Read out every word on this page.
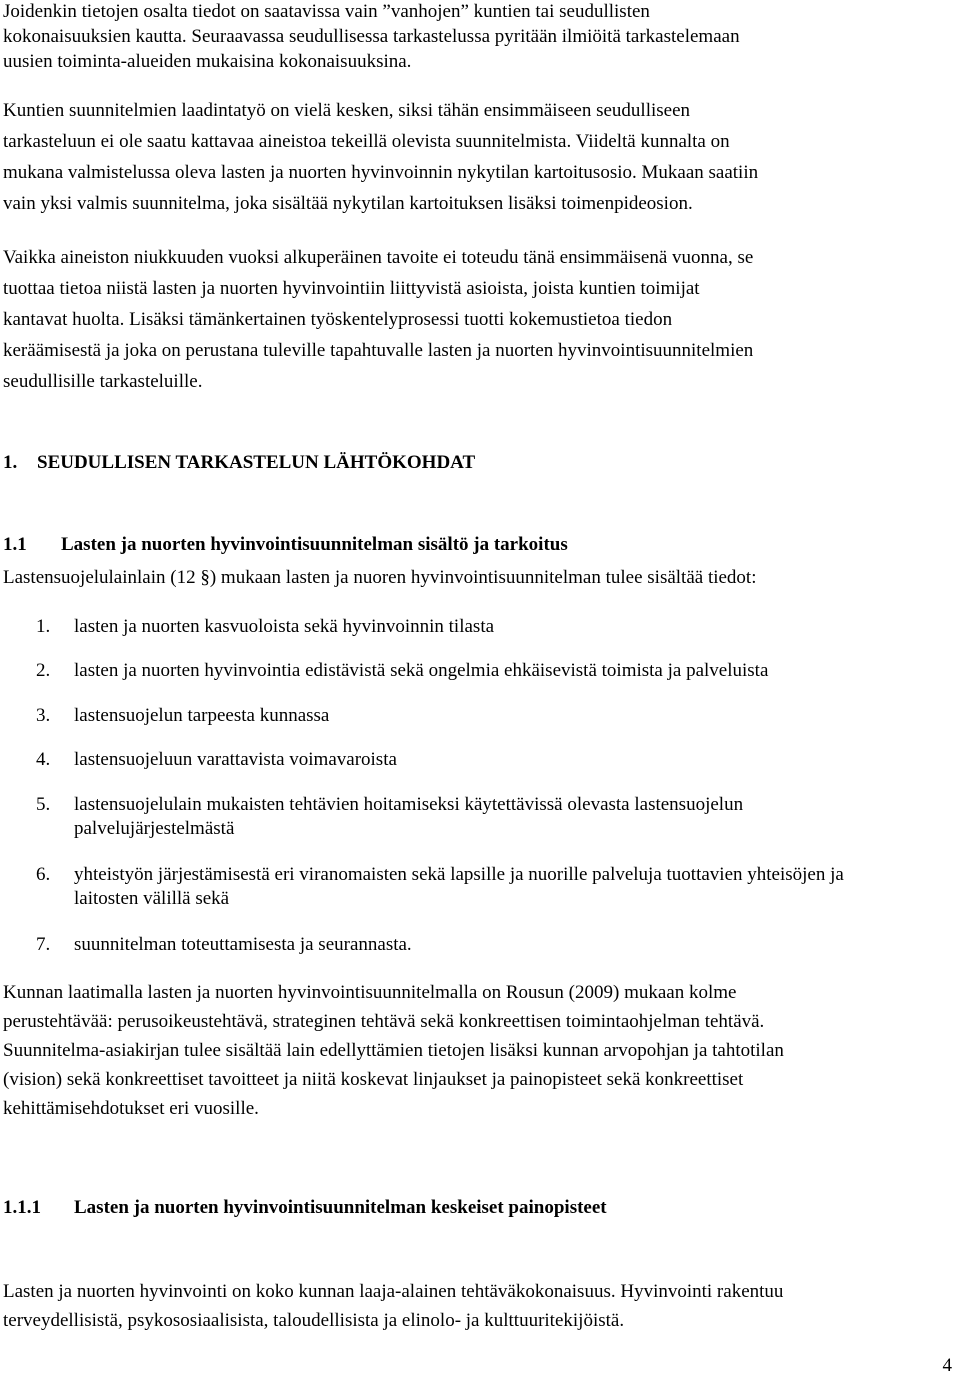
Joidenkin tietojen osalta tiedot on saatavissa vain ”vanhojen” kuntien tai seudullisten
kokonaisuuksien kautta. Seuraavassa seudullisessa tarkastelussa pyritään ilmiöitä tarkastelemaan
uusien toiminta-alueiden mukaisina kokonaisuuksina.
Kuntien suunnitelmien laadintatyö on vielä kesken, siksi tähän ensimmäiseen seudulliseen
tarkasteluun ei ole saatu kattavaa aineistoa tekeillä olevista suunnitelmista. Viideltä kunnalta on
mukana valmistelussa oleva lasten ja nuorten hyvinvoinnin nykytilan kartoitusosio. Mukaan saatiin
vain yksi valmis suunnitelma, joka sisältää nykytilan kartoituksen lisäksi toimenpideosion.
Vaikka aineiston niukkuuden vuoksi alkuperäinen tavoite ei toteudu tänä ensimmäisenä vuonna, se
tuottaa tietoa niistä lasten ja nuorten hyvinvointiin liittyvistä asioista, joista kuntien toimijat
kantavat huolta. Lisäksi tämänkertainen työskentelyprosessi tuotti kokemustietoa tiedon
keräämisestä ja joka on perustana tuleville tapahtuvalle lasten ja nuorten hyvinvointisuunnitelmien
seudullisille tarkasteluille.
1. SEUDULLISEN TARKASTELUN LÄHTÖKOHDAT
1.1 Lasten ja nuorten hyvinvointisuunnitelman sisältö ja tarkoitus
Lastensuojelulainlain (12 §) mukaan lasten ja nuoren hyvinvointisuunnitelman tulee sisältää tiedot:
1.	lasten ja nuorten kasvuoloista sekä hyvinvoinnin tilasta
2.	lasten ja nuorten hyvinvointia edistävistä sekä ongelmia ehkäisevistä toimista ja palveluista
3.	lastensuojelun tarpeesta kunnassa
4.	lastensuojeluun varattavista voimavaroista
5.	lastensuojelulain mukaisten tehtävien hoitamiseksi käytettävissä olevasta lastensuojelun
palvelujärjestelmästä
6.	yhteistyön järjestämisestä eri viranomaisten sekä lapsille ja nuorille palveluja tuottavien yhteisöjen ja
laitosten välillä sekä
7.	suunnitelman toteuttamisesta ja seurannasta.
Kunnan laatimalla lasten ja nuorten hyvinvointisuunnitelmalla on Rousun (2009) mukaan kolme
perustehtävää: perusoikeustehtävä, strateginen tehtävä sekä konkreettisen toimintaohjelman tehtävä.
Suunnitelma-asiakirjan tulee sisältää lain edellyttämien tietojen lisäksi kunnan arvopohjan ja tahtotilan
(vision) sekä konkreettiset tavoitteet ja niitä koskevat linjaukset ja painopisteet sekä konkreettiset
kehittämisehdotukset eri vuosille.
1.1.1 Lasten ja nuorten hyvinvointisuunnitelman keskeiset painopisteet
Lasten ja nuorten hyvinvointi on koko kunnan laaja-alainen tehtäväkokonaisuus. Hyvinvointi rakentuu
terveydellisistä, psykososiaalisista, taloudellisista ja elinolo- ja kulttuuritekijöistä.
4
